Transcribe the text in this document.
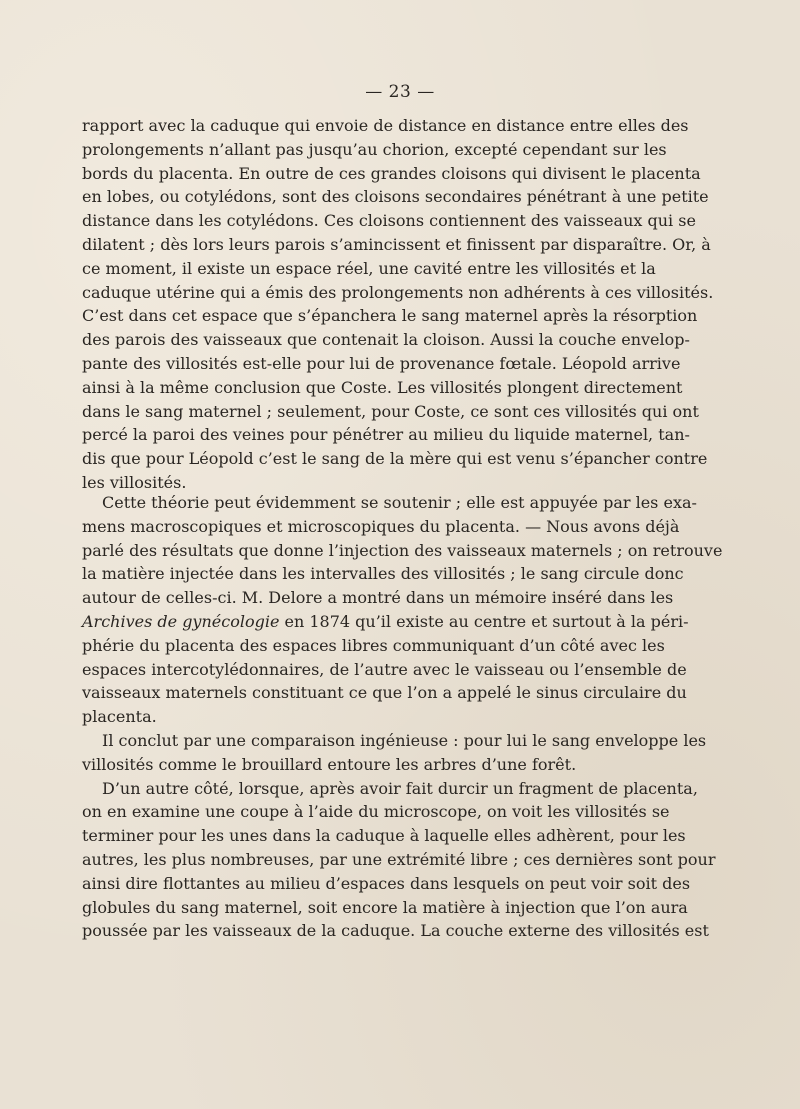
— 23 —
rapport avec la caduque qui envoie de distance en distance entre elles des
prolongements n’allant pas jusqu’au chorion, excepté cependant sur les
bords du placenta. En outre de ces grandes cloisons qui divisent le placenta
en lobes, ou cotylédons, sont des cloisons secondaires pénétrant à une petite
distance dans les cotylédons. Ces cloisons contiennent des vaisseaux qui se
dilatent ; dès lors leurs parois s’amincissent et finissent par disparaître. Or, à
ce moment, il existe un espace réel, une cavité entre les villosités et la
caduque utérine qui a émis des prolongements non adhérents à ces villosités.
C’est dans cet espace que s’épanchera le sang maternel après la résorption
des parois des vaisseaux que contenait la cloison. Aussi la couche envelop-
pante des villosités est-elle pour lui de provenance fœtale. Léopold arrive
ainsi à la même conclusion que Coste. Les villosités plongent directement
dans le sang maternel ; seulement, pour Coste, ce sont ces villosités qui ont
percé la paroi des veines pour pénétrer au milieu du liquide maternel, tan-
dis que pour Léopold c’est le sang de la mère qui est venu s’épancher contre
les villosités.
Cette théorie peut évidemment se soutenir ; elle est appuyée par les exa-
mens macroscopiques et microscopiques du placenta. — Nous avons déjà
parlé des résultats que donne l’injection des vaisseaux maternels ; on retrouve
la matière injectée dans les intervalles des villosités ; le sang circule donc
autour de celles-ci. M. Delore a montré dans un mémoire inséré dans les
Archives de gynécologie en 1874 qu’il existe au centre et surtout à la péri-
phérie du placenta des espaces libres communiquant d’un côté avec les
espaces intercotylédonnaires, de l’autre avec le vaisseau ou l’ensemble de
vaisseaux maternels constituant ce que l’on a appelé le sinus circulaire du
placenta.
Il conclut par une comparaison ingénieuse : pour lui le sang enveloppe les
villosités comme le brouillard entoure les arbres d’une forêt.
D’un autre côté, lorsque, après avoir fait durcir un fragment de placenta,
on en examine une coupe à l’aide du microscope, on voit les villosités se
terminer pour les unes dans la caduque à laquelle elles adhèrent, pour les
autres, les plus nombreuses, par une extrémité libre ; ces dernières sont pour
ainsi dire flottantes au milieu d’espaces dans lesquels on peut voir soit des
globules du sang maternel, soit encore la matière à injection que l’on aura
poussée par les vaisseaux de la caduque. La couche externe des villosités est
